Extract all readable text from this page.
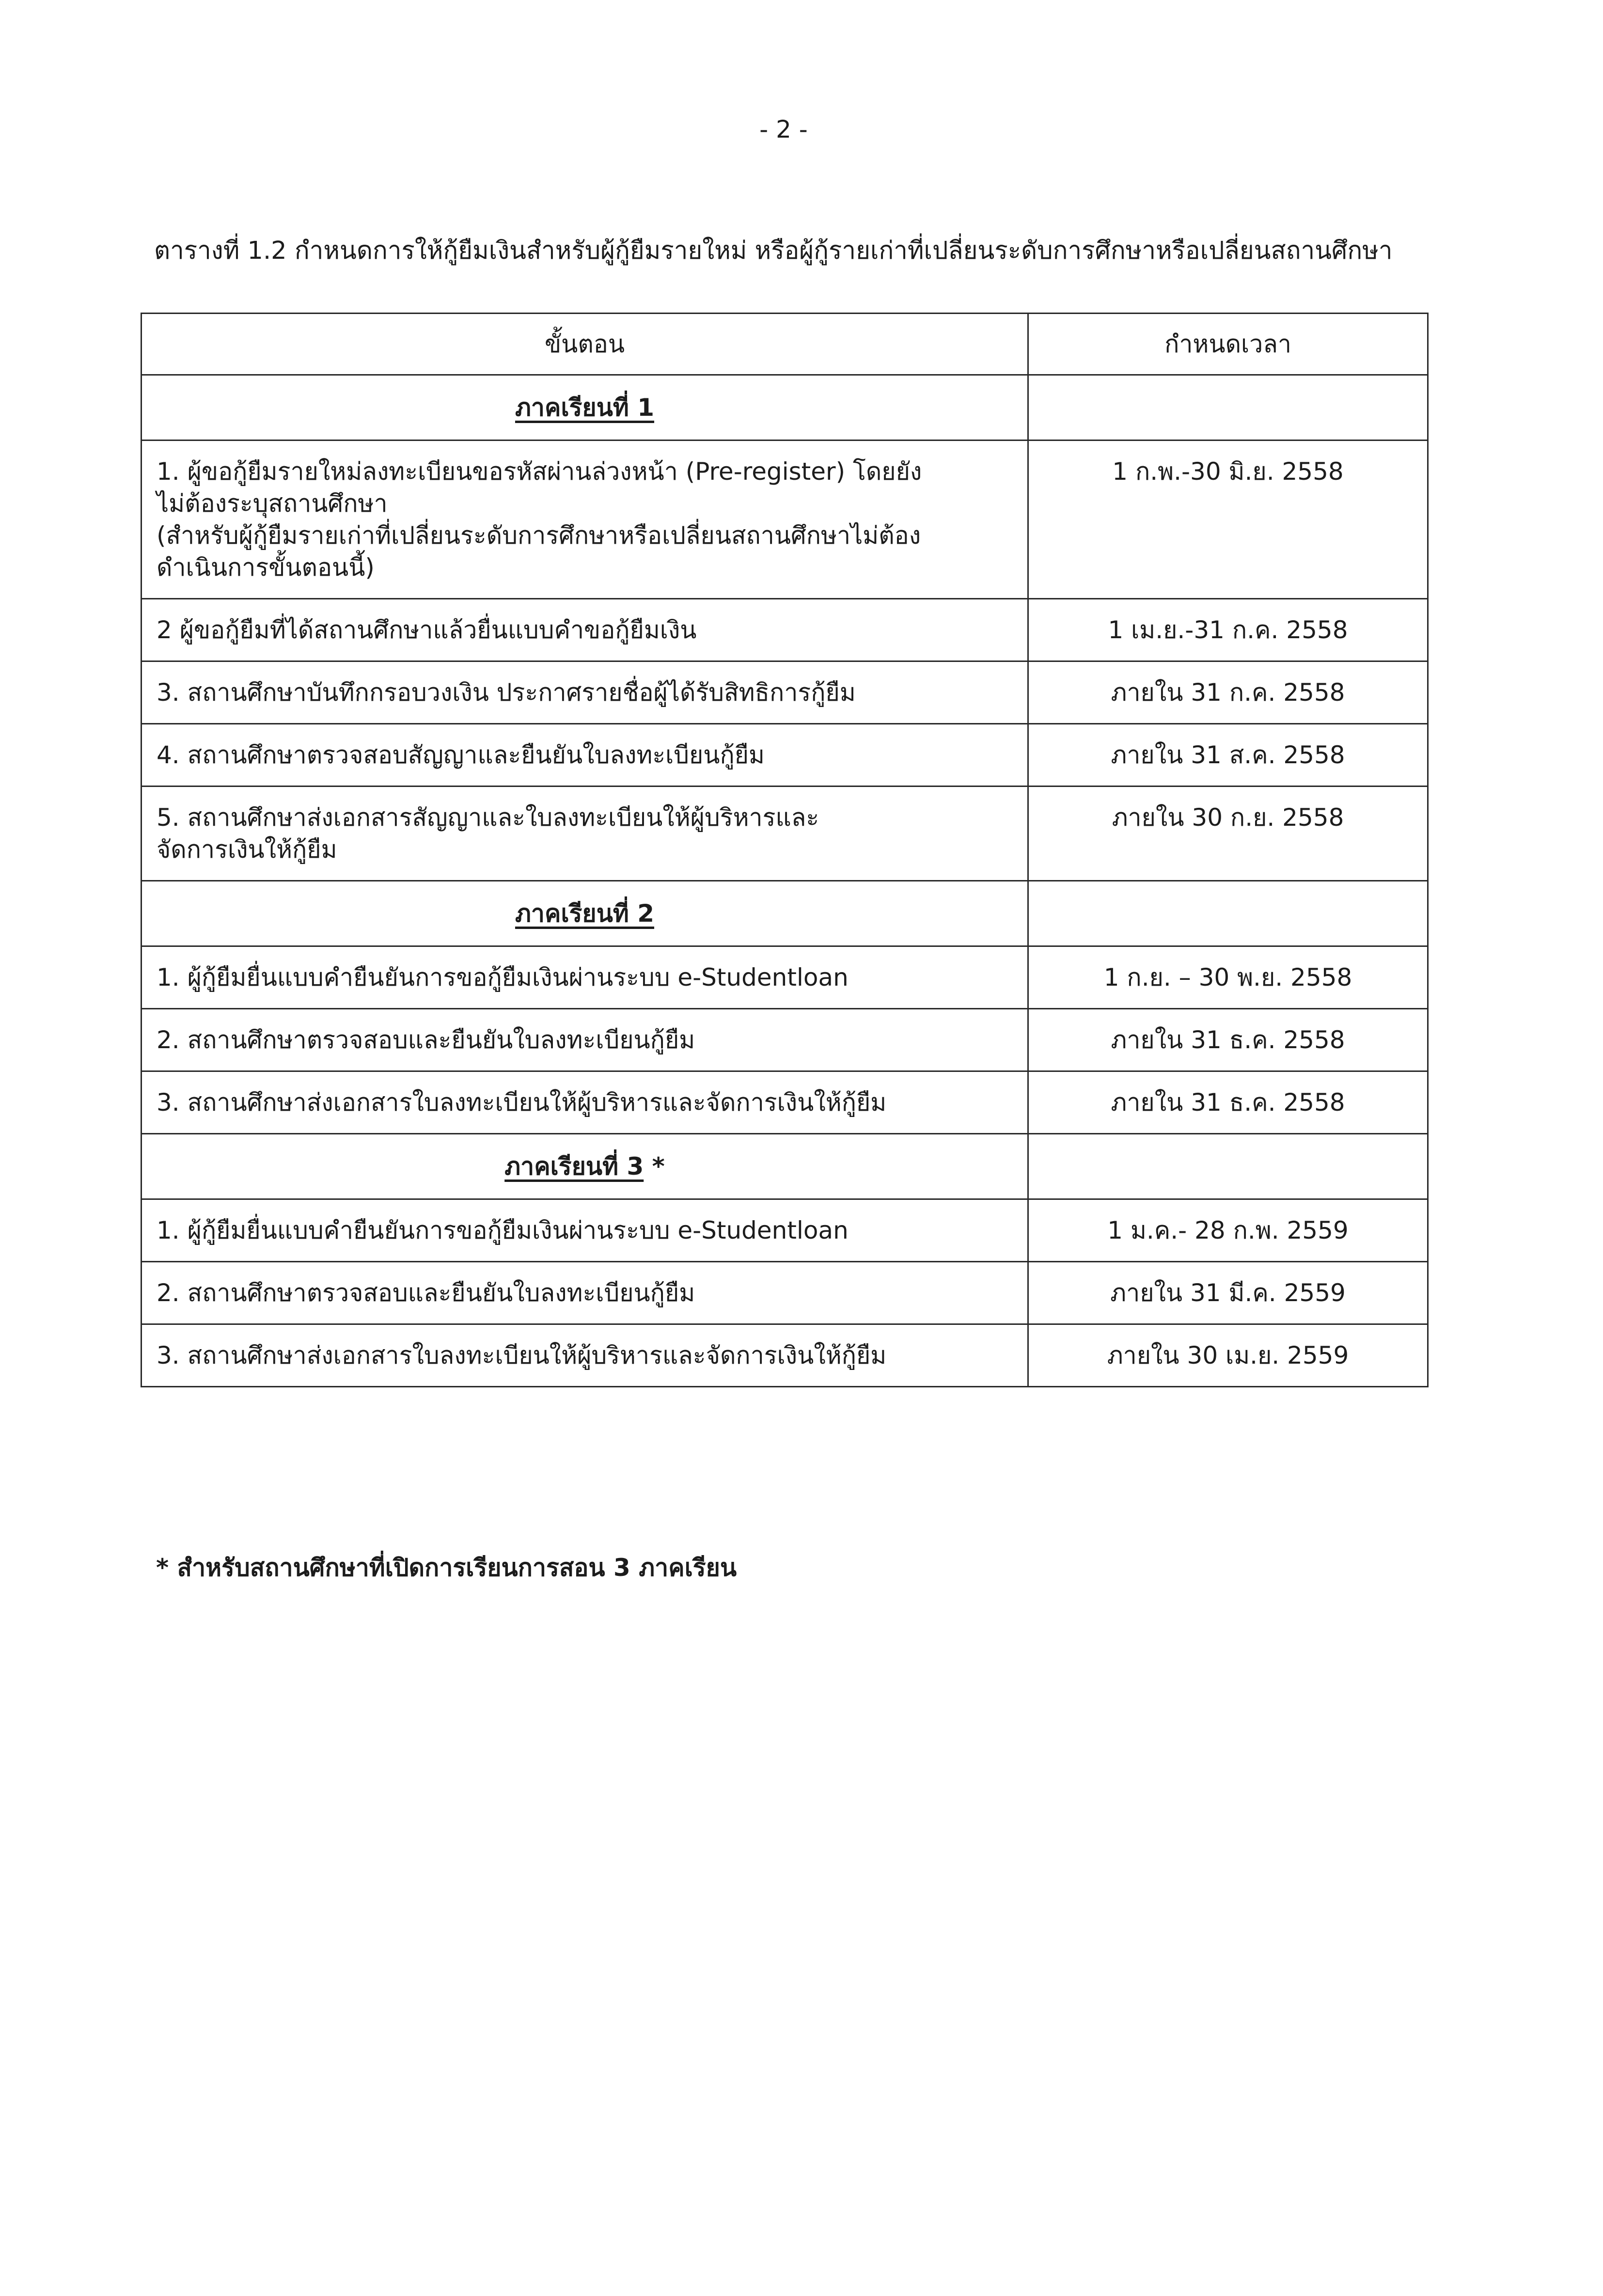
- 2 -
ตารางที่ 1.2 กำหนดการให้กู้ยืมเงินสำหรับผู้กู้ยืมรายใหม่ หรือผู้กู้รายเก่าที่เปลี่ยนระดับการศึกษาหรือเปลี่ยนสถานศึกษา
ขั้นตอน	กำหนดเวลา

ภาคเรียนที่ 1	

1. ผู้ขอกู้ยืมรายใหม่ลงทะเบียนขอรหัสผ่านล่วงหน้า (Pre-register) โดยยัง
ไม่ต้องระบุสถานศึกษา
(สำหรับผู้กู้ยืมรายเก่าที่เปลี่ยนระดับการศึกษาหรือเปลี่ยนสถานศึกษาไม่ต้อง
ดำเนินการขั้นตอนนี้)	1 ก.พ.-30 มิ.ย. 2558

2 ผู้ขอกู้ยืมที่ได้สถานศึกษาแล้วยื่นแบบคำขอกู้ยืมเงิน	1 เม.ย.-31 ก.ค. 2558

3. สถานศึกษาบันทึกกรอบวงเงิน ประกาศรายชื่อผู้ได้รับสิทธิการกู้ยืม	ภายใน 31 ก.ค. 2558

4. สถานศึกษาตรวจสอบสัญญาและยืนยันใบลงทะเบียนกู้ยืม	ภายใน 31 ส.ค. 2558

5. สถานศึกษาส่งเอกสารสัญญาและใบลงทะเบียนให้ผู้บริหารและ
จัดการเงินให้กู้ยืม	ภายใน 30 ก.ย. 2558

ภาคเรียนที่ 2	

1. ผู้กู้ยืมยื่นแบบคำยืนยันการขอกู้ยืมเงินผ่านระบบ e-Studentloan	1 ก.ย. – 30 พ.ย. 2558

2. สถานศึกษาตรวจสอบและยืนยันใบลงทะเบียนกู้ยืม	ภายใน 31 ธ.ค. 2558

3. สถานศึกษาส่งเอกสารใบลงทะเบียนให้ผู้บริหารและจัดการเงินให้กู้ยืม	ภายใน 31 ธ.ค. 2558

ภาคเรียนที่ 3 *	

1. ผู้กู้ยืมยื่นแบบคำยืนยันการขอกู้ยืมเงินผ่านระบบ e-Studentloan	1 ม.ค.- 28 ก.พ. 2559

2. สถานศึกษาตรวจสอบและยืนยันใบลงทะเบียนกู้ยืม	ภายใน 31 มี.ค. 2559

3. สถานศึกษาส่งเอกสารใบลงทะเบียนให้ผู้บริหารและจัดการเงินให้กู้ยืม	ภายใน 30 เม.ย. 2559
* สำหรับสถานศึกษาที่เปิดการเรียนการสอน 3 ภาคเรียน
